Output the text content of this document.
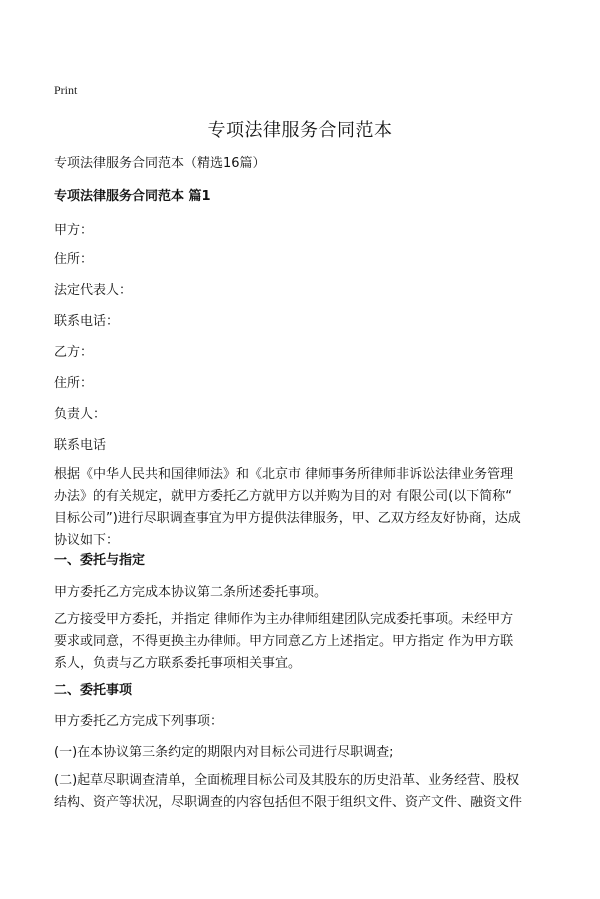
Print
专项法律服务合同范本
专项法律服务合同范本（精选16篇）
专项法律服务合同范本 篇1
甲方：
住所：
法定代表人：
联系电话：
乙方：
住所：
负责人：
联系电话
根据《中华人民共和国律师法》和《北京市 律师事务所律师非诉讼法律业务管理
办法》的有关规定，就甲方委托乙方就甲方以并购为目的对 有限公司(以下简称“
目标公司”)进行尽职调查事宜为甲方提供法律服务，甲、乙双方经友好协商，达成
协议如下：
一、委托与指定
甲方委托乙方完成本协议第二条所述委托事项。
乙方接受甲方委托，并指定 律师作为主办律师组建团队完成委托事项。未经甲方
要求或同意，不得更换主办律师。甲方同意乙方上述指定。甲方指定 作为甲方联
系人，负责与乙方联系委托事项相关事宜。
二、委托事项
甲方委托乙方完成下列事项：
(一)在本协议第三条约定的期限内对目标公司进行尽职调查;
(二)起草尽职调查清单，全面梳理目标公司及其股东的历史沿革、业务经营、股权
结构、资产等状况，尽职调查的内容包括但不限于组织文件、资产文件、融资文件
